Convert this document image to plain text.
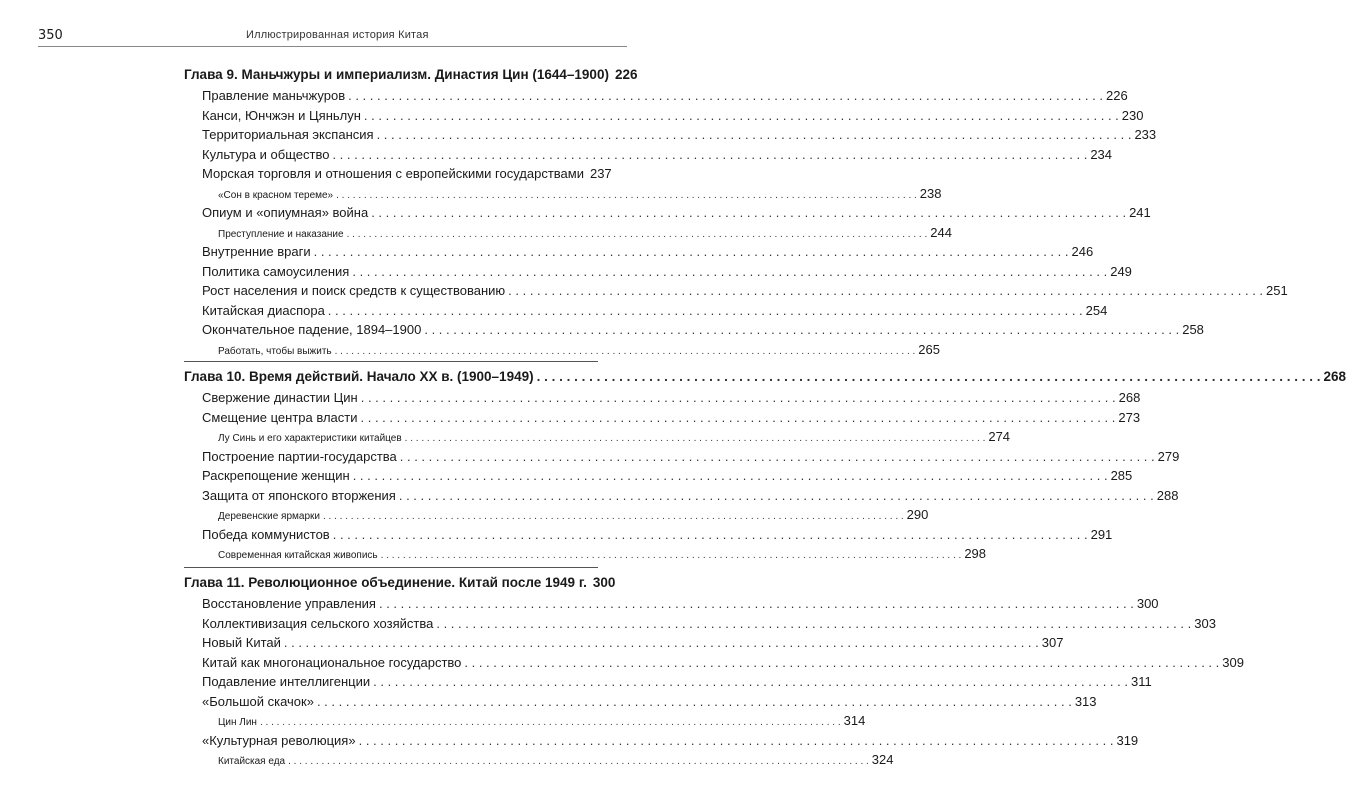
350	Иллюстрированная история Китая
Глава 9. Маньчжуры и империализм. Династия Цин (1644–1900) 226
Правление маньчжуров . . .	226
Канси, Юнчжэн и Цяньлун . . .	230
Территориальная экспансия . . .	233
Культура и общество . . .	234
Морская торговля и отношения с европейскими государствами 237
«Сон в красном тереме» . . .	238
Опиум и «опиумная» война . . .	241
Преступление и наказание . . .	244
Внутренние враги . . .	246
Политика самоусиления . . .	249
Рост населения и поиск средств к существованию . . .	251
Китайская диаспора . . .	254
Окончательное падение, 1894–1900 . . .	258
Работать, чтобы выжить . . .	265
Глава 10. Время действий. Начало XX в. (1900–1949) . . .	268
Свержение династии Цин . . .	268
Смещение центра власти . . .	273
Лу Синь и его характеристики китайцев . . .	274
Построение партии-государства . . .	279
Раскрепощение женщин . . .	285
Защита от японского вторжения . . .	288
Деревенские ярмарки . . .	290
Победа коммунистов . . .	291
Современная китайская живопись . . .	298
Глава 11. Революционное объединение. Китай после 1949 г. 300
Восстановление управления . . .	300
Коллективизация сельского хозяйства . . .	303
Новый Китай . . .	307
Китай как многонациональное государство . . .	309
Подавление интеллигенции . . .	311
«Большой скачок» . . .	313
Цин Лин . . .	314
«Культурная революция» . . .	319
Китайская еда . . .	324
